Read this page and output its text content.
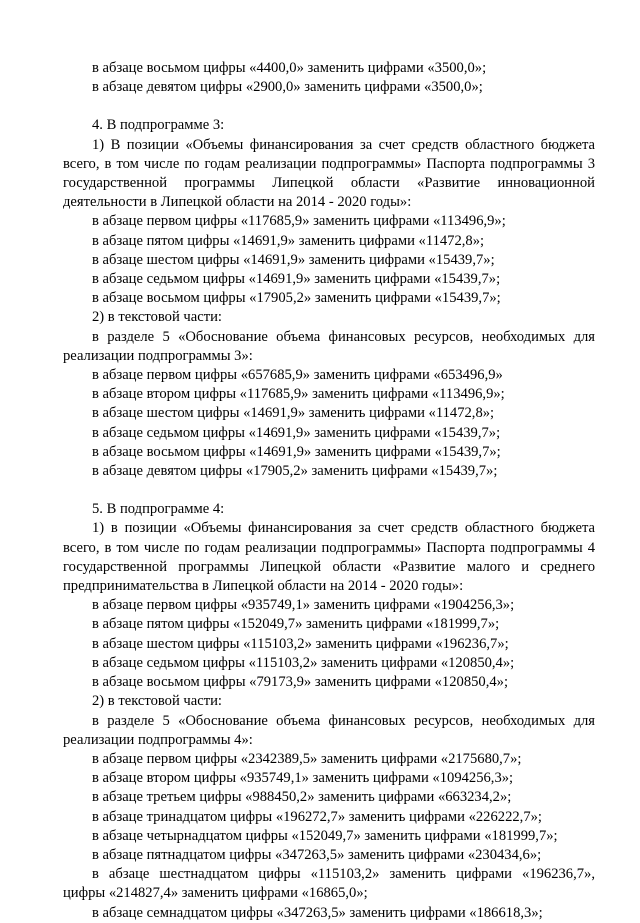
в абзаце восьмом цифры «4400,0» заменить цифрами «3500,0»;

в абзаце девятом цифры «2900,0» заменить цифрами «3500,0»;

4. В подпрограмме 3:

1) В позиции «Объемы финансирования за счет средств областного бюджета всего, в том числе по годам реализации подпрограммы» Паспорта подпрограммы 3 государственной программы Липецкой области «Развитие инновационной деятельности в Липецкой области на 2014 - 2020 годы»:

в абзаце первом цифры «117685,9» заменить цифрами «113496,9»;

в абзаце пятом цифры «14691,9» заменить цифрами «11472,8»;

в абзаце шестом цифры «14691,9» заменить цифрами «15439,7»;

в абзаце седьмом цифры «14691,9» заменить цифрами «15439,7»;

в абзаце восьмом цифры «17905,2» заменить цифрами «15439,7»;

2) в текстовой части:

в разделе 5 «Обоснование объема финансовых ресурсов, необходимых для реализации подпрограммы 3»:

в абзаце первом цифры «657685,9» заменить цифрами «653496,9»

в абзаце втором цифры «117685,9» заменить цифрами «113496,9»;

в абзаце шестом цифры «14691,9» заменить цифрами «11472,8»;

в абзаце седьмом цифры «14691,9» заменить цифрами «15439,7»;

в абзаце восьмом цифры «14691,9» заменить цифрами «15439,7»;

в абзаце девятом цифры «17905,2» заменить цифрами «15439,7»;

5. В подпрограмме 4:

1) в позиции «Объемы финансирования за счет средств областного бюджета всего, в том числе по годам реализации подпрограммы» Паспорта подпрограммы 4 государственной программы Липецкой области «Развитие малого и среднего предпринимательства в Липецкой области на 2014 - 2020 годы»:

в абзаце первом цифры «935749,1» заменить цифрами «1904256,3»;

в абзаце пятом цифры «152049,7» заменить цифрами «181999,7»;

в абзаце шестом цифры «115103,2» заменить цифрами «196236,7»;

в абзаце седьмом цифры «115103,2» заменить цифрами «120850,4»;

в абзаце восьмом цифры «79173,9» заменить цифрами «120850,4»;

2) в текстовой части:

в разделе 5 «Обоснование объема финансовых ресурсов, необходимых для реализации подпрограммы 4»:

в абзаце первом цифры «2342389,5» заменить цифрами «2175680,7»;

в абзаце втором цифры «935749,1» заменить цифрами «1094256,3»;

в абзаце третьем цифры «988450,2» заменить цифрами «663234,2»;

в абзаце тринадцатом цифры «196272,7» заменить цифрами «226222,7»;

в абзаце четырнадцатом цифры «152049,7» заменить цифрами «181999,7»;

в абзаце пятнадцатом цифры «347263,5» заменить цифрами «230434,6»;

в абзаце шестнадцатом цифры «115103,2» заменить цифрами «196236,7», цифры «214827,4» заменить цифрами «16865,0»;

в абзаце семнадцатом цифры «347263,5» заменить цифрами «186618,3»;
